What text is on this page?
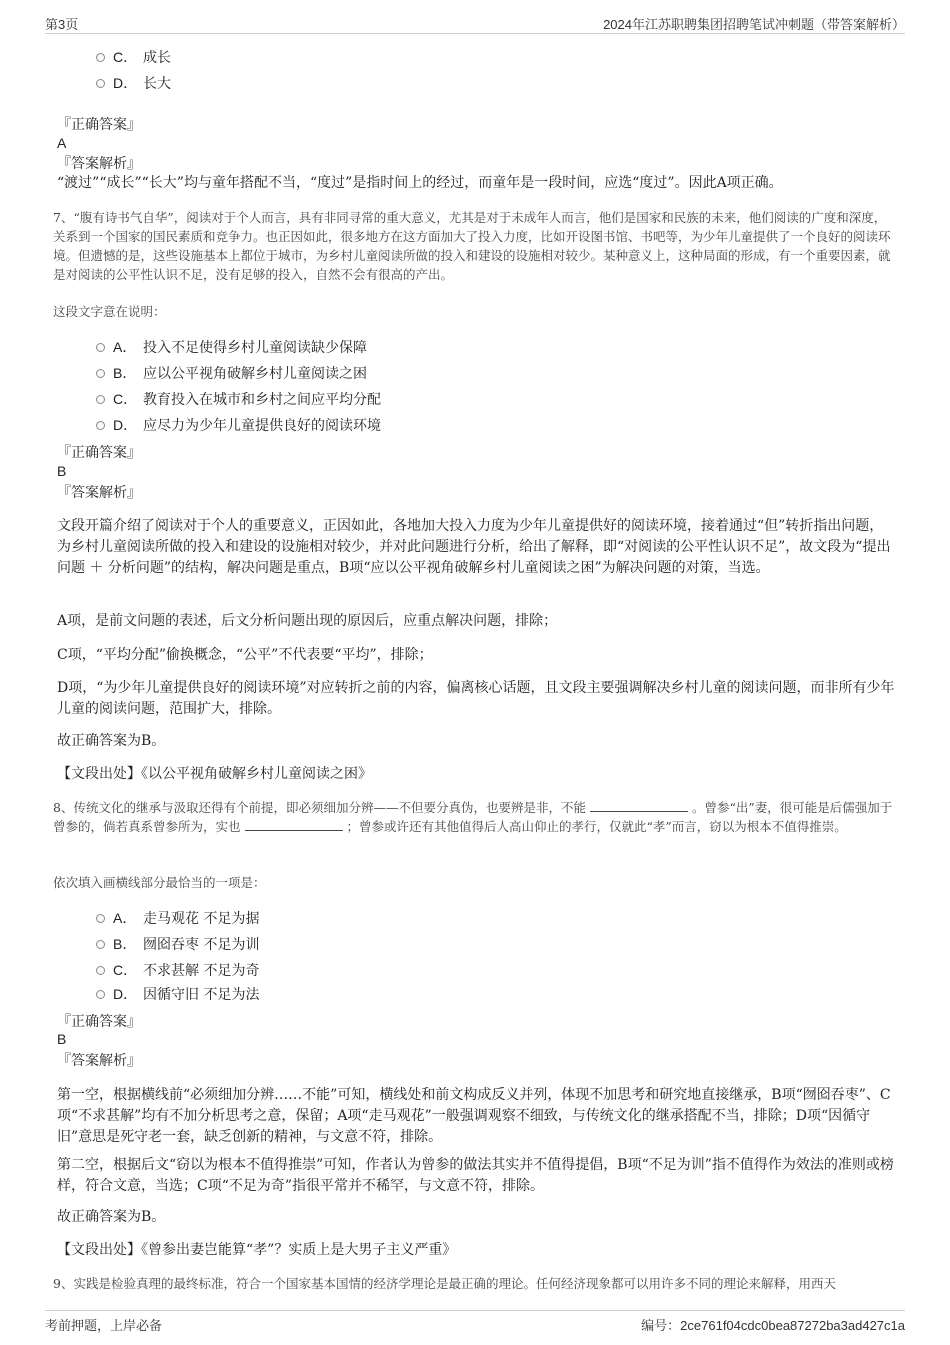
第3页	2024年江苏职聘集团招聘笔试冲刺题（带答案解析）
C． 成长
D． 长大
『正确答案』
A
『答案解析』
“渡过”“成长”“长大”均与童年搭配不当，“度过”是指时间上的经过，而童年是一段时间，应选“度过”。因此A项正确。
7、“腹有诗书气自华”，阅读对于个人而言，具有非同寻常的重大意义，尤其是对于未成年人而言，他们是国家和民族的未来，他们阅读的广度和深度，关系到一个国家的国民素质和竞争力。也正因如此，很多地方在这方面加大了投入力度，比如开设图书馆、书吧等，为少年儿童提供了一个良好的阅读环境。但遗憾的是，这些设施基本上都位于城市，为乡村儿童阅读所做的投入和建设的设施相对较少。某种意义上，这种局面的形成，有一个重要因素，就是对阅读的公平性认识不足，没有足够的投入，自然不会有很高的产出。
这段文字意在说明：
A． 投入不足使得乡村儿童阅读缺少保障
B． 应以公平视角破解乡村儿童阅读之困
C． 教育投入在城市和乡村之间应平均分配
D． 应尽力为少年儿童提供良好的阅读环境
『正确答案』
B
『答案解析』
文段开篇介绍了阅读对于个人的重要意义，正因如此，各地加大投入力度为少年儿童提供好的阅读环境，接着通过“但”转折指出问题，为乡村儿童阅读所做的投入和建设的设施相对较少，并对此问题进行分析，给出了解释，即“对阅读的公平性认识不足”，故文段为“提出问题 ＋ 分析问题”的结构，解决问题是重点，B项“应以公平视角破解乡村儿童阅读之困”为解决问题的对策，当选。
A项，是前文问题的表述，后文分析问题出现的原因后，应重点解决问题，排除；
C项，“平均分配”偷换概念，“公平”不代表要“平均”，排除；
D项，“为少年儿童提供良好的阅读环境”对应转折之前的内容，偏离核心话题，且文段主要强调解决乡村儿童的阅读问题，而非所有少年儿童的阅读问题，范围扩大，排除。
故正确答案为B。
【文段出处】《以公平视角破解乡村儿童阅读之困》
8、传统文化的继承与汲取还得有个前提，即必须细加分辨——不但要分真伪，也要辨是非，不能	。曾参“出”妻，很可能是后儒强加于曾参的，倘若真系曾参所为，实也	；曾参或许还有其他值得后人高山仰止的孝行，仅就此“孝”而言，窃以为根本不值得推崇。
依次填入画横线部分最恰当的一项是：
A． 走马观花 不足为据
B． 囫囵吞枣 不足为训
C． 不求甚解 不足为奇
D． 因循守旧 不足为法
『正确答案』
B
『答案解析』
第一空，根据横线前“必须细加分辨……不能”可知，横线处和前文构成反义并列，体现不加思考和研究地直接继承，B项“囫囵吞枣”、C项“不求甚解”均有不加分析思考之意，保留；A项“走马观花”一般强调观察不细致，与传统文化的继承搭配不当，排除；D项“因循守旧”意思是死守老一套，缺乏创新的精神，与文意不符，排除。
第二空，根据后文“窃以为根本不值得推崇”可知，作者认为曾参的做法其实并不值得提倡，B项“不足为训”指不值得作为效法的准则或榜样，符合文意，当选；C项“不足为奇”指很平常并不稀罕，与文意不符，排除。
故正确答案为B。
【文段出处】《曾参出妻岂能算“孝”？实质上是大男子主义严重》
9、实践是检验真理的最终标准，符合一个国家基本国情的经济学理论是最正确的理论。任何经济现象都可以用许多不同的理论来解释，用西天
考前押题，上岸必备	编号：2ce761f04cdc0bea87272ba3ad427c1a
